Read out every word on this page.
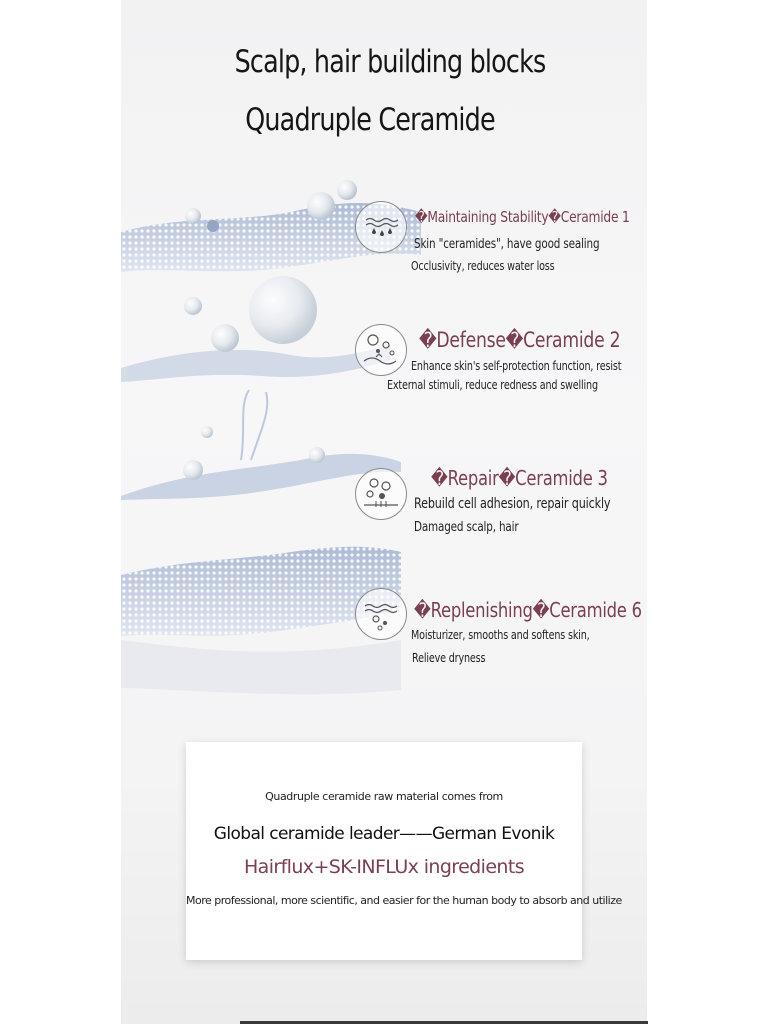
Scalp, hair building blocks
Quadruple Ceramide
�Maintaining Stability�Ceramide 1
Skin "ceramides", have good sealing
Occlusivity, reduces water loss
�Defense�Ceramide 2
Enhance skin's self-protection function, resist
External stimuli, reduce redness and swelling
�Repair�Ceramide 3
Rebuild cell adhesion, repair quickly
Damaged scalp, hair
�Replenishing�Ceramide 6
Moisturizer, smooths and softens skin,
Relieve dryness
Quadruple ceramide raw material comes from
Global ceramide leader——German Evonik
Hairflux+SK-INFLUx ingredients
More professional, more scientific, and easier for the human body to absorb and utilize
